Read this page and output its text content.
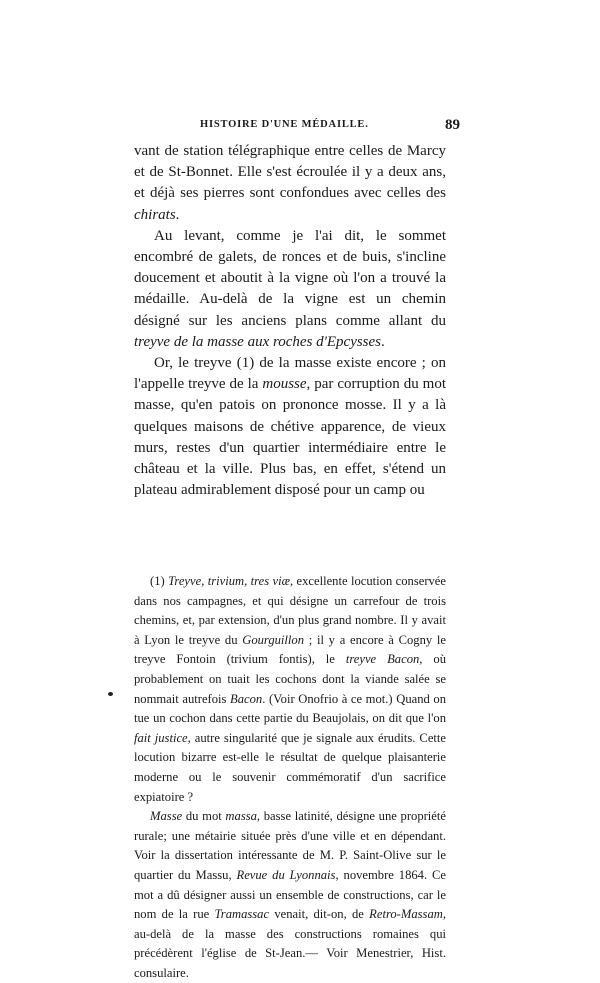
HISTOIRE D'UNE MÉDAILLE.	89

vant de station télégraphique entre celles de Marcy et de St-Bonnet. Elle s'est écroulée il y a deux ans, et déjà ses pierres sont confondues avec celles des chirats.

Au levant, comme je l'ai dit, le sommet encombré de galets, de ronces et de buis, s'incline doucement et aboutit à la vigne où l'on a trouvé la médaille. Au-delà de la vigne est un chemin désigné sur les anciens plans comme allant du treyve de la masse aux roches d'Epcysses.

Or, le treyve (1) de la masse existe encore ; on l'appelle treyve de la mousse, par corruption du mot masse, qu'en patois on prononce mosse. Il y a là quelques maisons de chétive apparence, de vieux murs, restes d'un quartier intermédiaire entre le château et la ville. Plus bas, en effet, s'étend un plateau admirablement disposé pour un camp ou

(1) Treyve, trivium, tres viæ, excellente locution conservée dans nos campagnes, et qui désigne un carrefour de trois chemins, et, par extension, d'un plus grand nombre. Il y avait à Lyon le treyve du Gourguillon ; il y a encore à Cogny le treyve Fontoin (trivium fontis), le treyve Bacon, où probablement on tuait les cochons dont la viande salée se nommait autrefois Bacon. (Voir Onofrio à ce mot.) Quand on tue un cochon dans cette partie du Beaujolais, on dit que l'on fait justice, autre singularité que je signale aux érudits. Cette locution bizarre est-elle le résultat de quelque plaisanterie moderne ou le souvenir commémoratif d'un sacrifice expiatoire ?

Masse du mot massa, basse latinité, désigne une propriété rurale; une métairie située près d'une ville et en dépendant. Voir la dissertation intéressante de M. P. Saint-Olive sur le quartier du Massu, Revue du Lyonnais, novembre 1864. Ce mot a dû désigner aussi un ensemble de constructions, car le nom de la rue Tramassac venait, dit-on, de Retro-Massam, au-delà de la masse des constructions romaines qui précédèrent l'église de St-Jean.— Voir Menestrier, Hist. consulaire.
